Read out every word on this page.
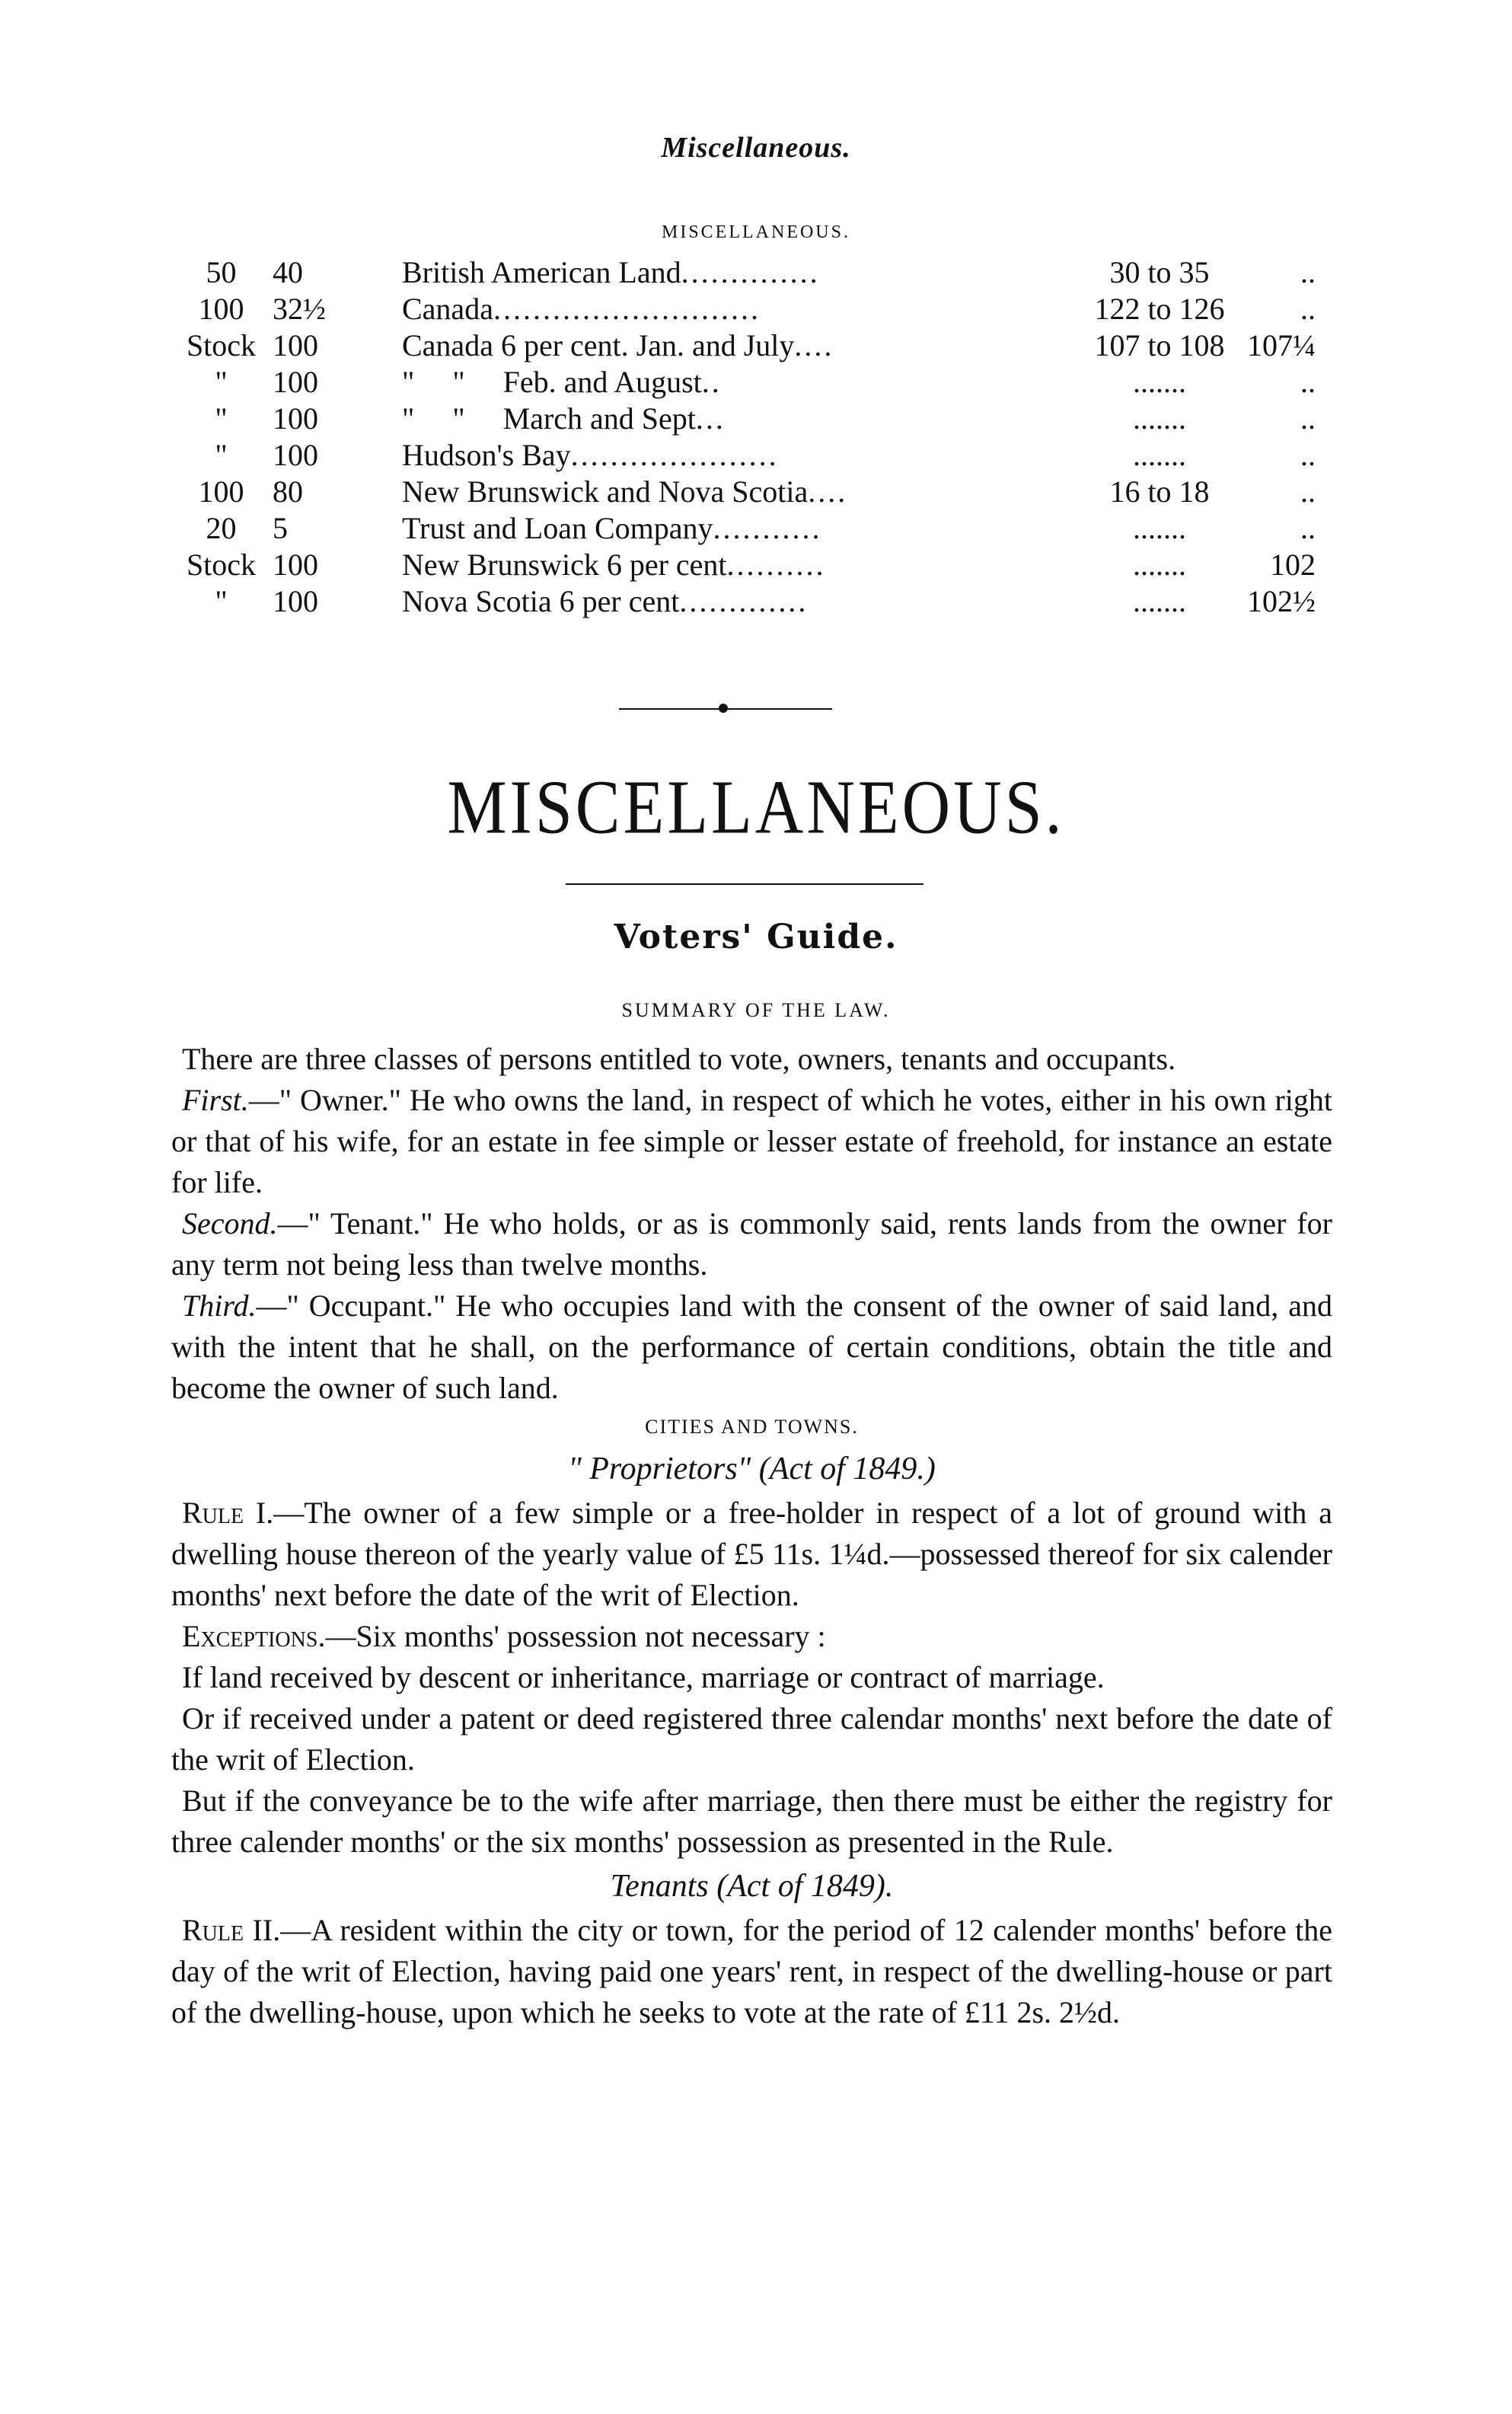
Miscellaneous.
MISCELLANEOUS.
50	40	British American Land..............	30 to 35	..
100 32½	Canada...........................	122 to 126	..
Stock 100	Canada 6 per cent. Jan. and July....	107 to 108 107¼
"	100	"     "     Feb. and August..	.......	..
"	100	"     "     March and Sept...	.......	..
"	100	Hudson's Bay.....................	.......	..
100 80	New Brunswick and Nova Scotia....	16 to 18	..
20	5	Trust and Loan Company...........	.......	..
Stock 100	New Brunswick 6 per cent..........	.......	102
"	100	Nova Scotia 6 per cent.............	.......	102½
MISCELLANEOUS.
Voters' Guide.
SUMMARY OF THE LAW.

There are three classes of persons entitled to vote, owners, tenants and occupants.

First.—" Owner." He who owns the land, in respect of which he votes, either in his own right or that of his wife, for an estate in fee simple or lesser estate of freehold, for instance an estate for life.

Second.—" Tenant." He who holds, or as is commonly said, rents lands from the owner for any term not being less than twelve months.

Third.—" Occupant." He who occupies land with the consent of the owner of said land, and with the intent that he shall, on the performance of certain conditions, obtain the title and become the owner of such land.

CITIES AND TOWNS.

" Proprietors" (Act of 1849.)

Rule I.—The owner of a few simple or a free-holder in respect of a lot of ground with a dwelling house thereon of the yearly value of £5 11s. 1¼d.—possessed thereof for six calender months' next before the date of the writ of Election.

Exceptions.—Six months' possession not necessary :

If land received by descent or inheritance, marriage or contract of marriage.

Or if received under a patent or deed registered three calendar months' next before the date of the writ of Election.

But if the conveyance be to the wife after marriage, then there must be either the registry for three calender months' or the six months' possession as presented in the Rule.

Tenants (Act of 1849).

Rule II.—A resident within the city or town, for the period of 12 calender months' before the day of the writ of Election, having paid one years' rent, in respect of the dwelling-house or part of the dwelling-house, upon which he seeks to vote at the rate of £11 2s. 2½d.
